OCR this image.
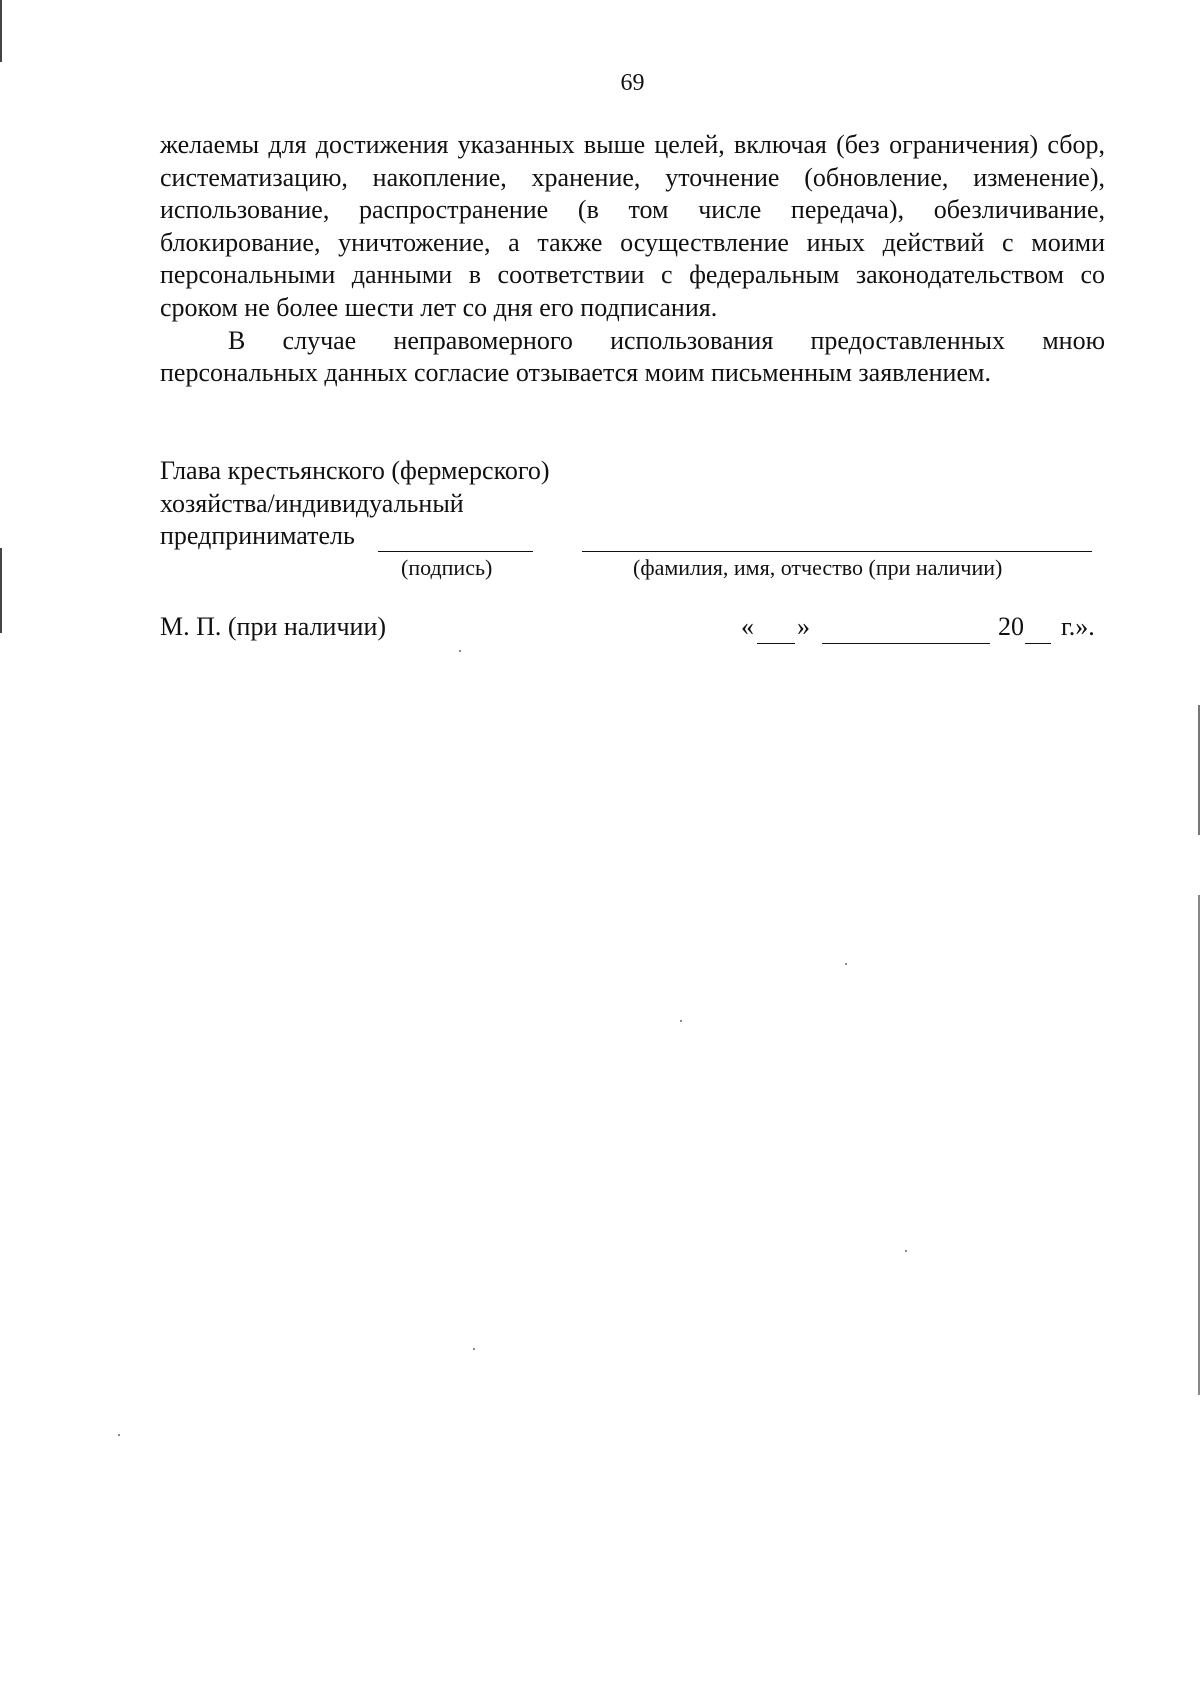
69

желаемы для достижения указанных выше целей, включая (без ограничения) сбор, систематизацию, накопление, хранение, уточнение (обновление, изменение), использование, распространение (в том числе передача), обезличивание, блокирование, уничтожение, а также осуществление иных действий с моими персональными данными в соответствии с федеральным законодательством со сроком не более шести лет со дня его подписания.

В случае неправомерного использования предоставленных мною персональных данных согласие отзывается моим письменным заявлением.

Глава крестьянского (фермерского)
хозяйства/индивидуальный
предприниматель
(подпись)	(фамилия, имя, отчество (при наличии)
М. П. (при наличии)	« »	20 г.».
